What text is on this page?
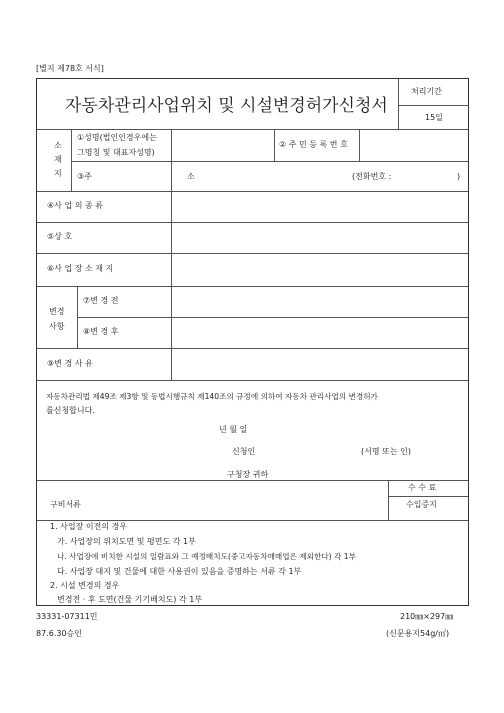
[별지 제78호 서식]
자동차관리사업위치 및 시설변경허가신청서
처리기간
15일
소
재
지
①성명(법인인경우에는
그명칭 및 대표자성명)
② 주 민 등 록 번 호
③주	소	(전화번호 :	)
④사 업 의 종 류
⑤상 호
⑥사 업 장 소 재 지
변경
사항
⑦변 경 전
⑧변 경 후
⑨변 경 사 유
자동차관리법 제49조 제3항 및 동법시행규칙 제140조의 규정에 의하여 자동차 관리사업의 변경허가
를신청합니다.
년 월 일
신청인	(서명 또는 인)
구청장 귀하
수 수 료
수입증지
구비서류
1. 사업장 이전의 경우
가. 사업장의 위치도면 및 평면도 각 1부
나. 사업장에 비치한 시설의 일람표와 그 예정배치도(중고자동차매매업은 제외한다) 각 1부
다. 사업장 대지 및 건물에 대한 사용권이 있음을 증명하는 서류 각 1부
2. 시설 변경의 경우
변경전 · 후 도면(건물 기기배치도) 각 1부
33331-07311민
87.6.30승인
210㎜×297㎜
(신문용지54g/㎡)
